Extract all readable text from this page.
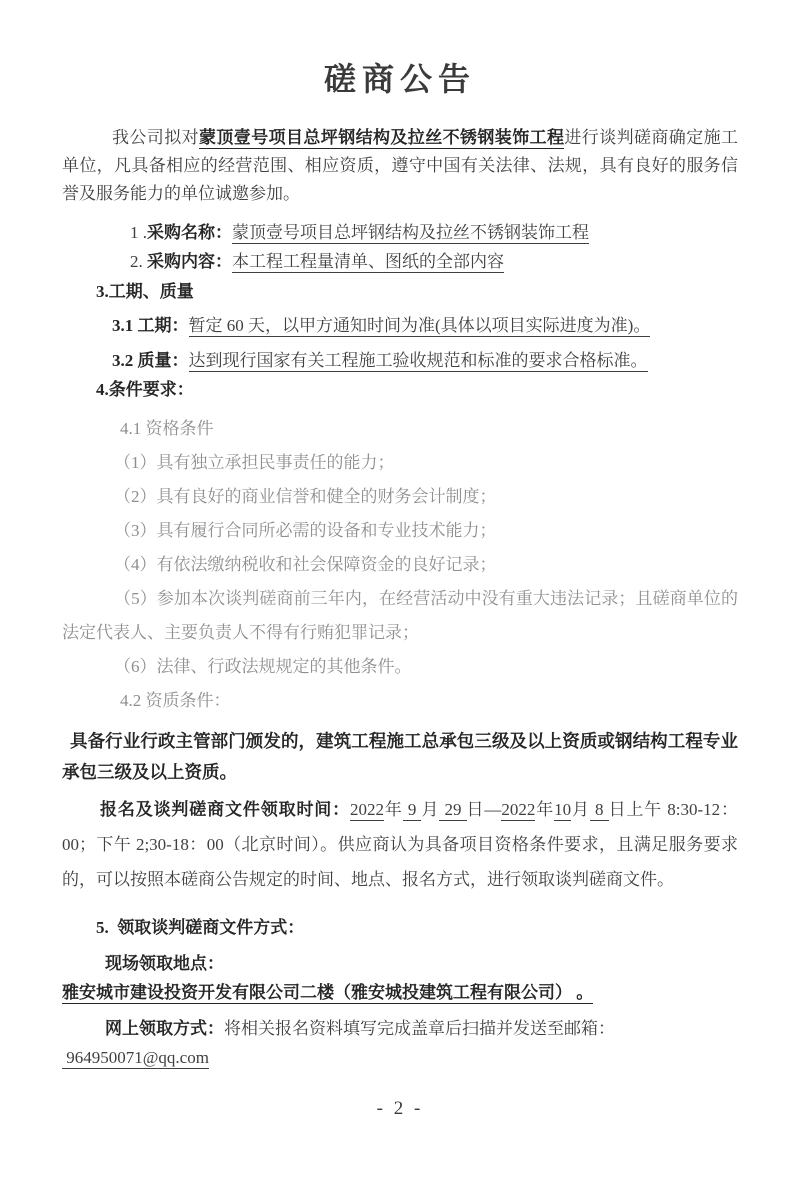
磋商公告

我公司拟对蒙顶壹号项目总坪钢结构及拉丝不锈钢装饰工程进行谈判磋商确定施工单位，凡具备相应的经营范围、相应资质，遵守中国有关法律、法规，具有良好的服务信誉及服务能力的单位诚邀参加。

1 .采购名称：蒙顶壹号项目总坪钢结构及拉丝不锈钢装饰工程

2. 采购内容：本工程工程量清单、图纸的全部内容

3.工期、质量

3.1 工期：暂定 60 天，以甲方通知时间为准(具体以项目实际进度为准)。

3.2 质量：达到现行国家有关工程施工验收规范和标准的要求合格标准。

4.条件要求：

4.1 资格条件

（1）具有独立承担民事责任的能力；

（2）具有良好的商业信誉和健全的财务会计制度；

（3）具有履行合同所必需的设备和专业技术能力；

（4）有依法缴纳税收和社会保障资金的良好记录；

（5）参加本次谈判磋商前三年内，在经营活动中没有重大违法记录；且磋商单位的法定代表人、主要负责人不得有行贿犯罪记录；

（6）法律、行政法规规定的其他条件。

4.2 资质条件：

具备行业行政主管部门颁发的，建筑工程施工总承包三级及以上资质或钢结构工程专业承包三级及以上资质。

报名及谈判磋商文件领取时间：2022年 9 月 29 日—2022年10月 8 日上午 8:30-12：00；下午 2;30-18：00（北京时间）。供应商认为具备项目资格条件要求，且满足服务要求的，可以按照本磋商公告规定的时间、地点、报名方式，进行领取谈判磋商文件。

5. 领取谈判磋商文件方式：

现场领取地点：雅安城市建设投资开发有限公司二楼（雅安城投建筑工程有限公司） 。

网上领取方式：将相关报名资料填写完成盖章后扫描并发送至邮箱： 964950071@qq.com

- 2 -
